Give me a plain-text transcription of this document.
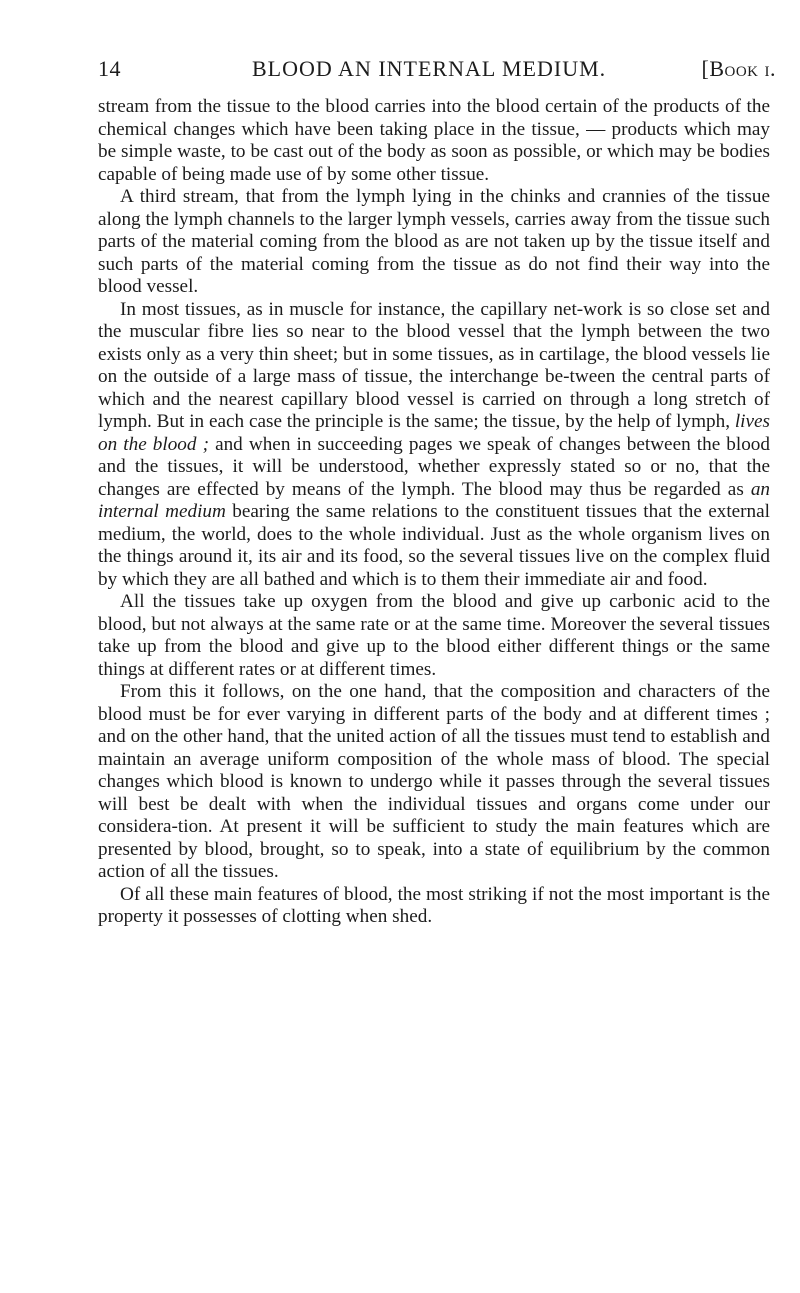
14	BLOOD AN INTERNAL MEDIUM.	[Book i.

stream from the tissue to the blood carries into the blood certain of the products of the chemical changes which have been taking place in the tissue, — products which may be simple waste, to be cast out of the body as soon as possible, or which may be bodies capable of being made use of by some other tissue.

A third stream, that from the lymph lying in the chinks and crannies of the tissue along the lymph channels to the larger lymph vessels, carries away from the tissue such parts of the material coming from the blood as are not taken up by the tissue itself and such parts of the material coming from the tissue as do not find their way into the blood vessel.

In most tissues, as in muscle for instance, the capillary net-work is so close set and the muscular fibre lies so near to the blood vessel that the lymph between the two exists only as a very thin sheet; but in some tissues, as in cartilage, the blood vessels lie on the outside of a large mass of tissue, the interchange be-tween the central parts of which and the nearest capillary blood vessel is carried on through a long stretch of lymph. But in each case the principle is the same; the tissue, by the help of lymph, lives on the blood ; and when in succeeding pages we speak of changes between the blood and the tissues, it will be understood, whether expressly stated so or no, that the changes are effected by means of the lymph. The blood may thus be regarded as an internal medium bearing the same relations to the constituent tissues that the external medium, the world, does to the whole individual. Just as the whole organism lives on the things around it, its air and its food, so the several tissues live on the complex fluid by which they are all bathed and which is to them their immediate air and food.

All the tissues take up oxygen from the blood and give up carbonic acid to the blood, but not always at the same rate or at the same time. Moreover the several tissues take up from the blood and give up to the blood either different things or the same things at different rates or at different times.

From this it follows, on the one hand, that the composition and characters of the blood must be for ever varying in different parts of the body and at different times ; and on the other hand, that the united action of all the tissues must tend to establish and maintain an average uniform composition of the whole mass of blood. The special changes which blood is known to undergo while it passes through the several tissues will best be dealt with when the individual tissues and organs come under our considera-tion. At present it will be sufficient to study the main features which are presented by blood, brought, so to speak, into a state of equilibrium by the common action of all the tissues.

Of all these main features of blood, the most striking if not the most important is the property it possesses of clotting when shed.
